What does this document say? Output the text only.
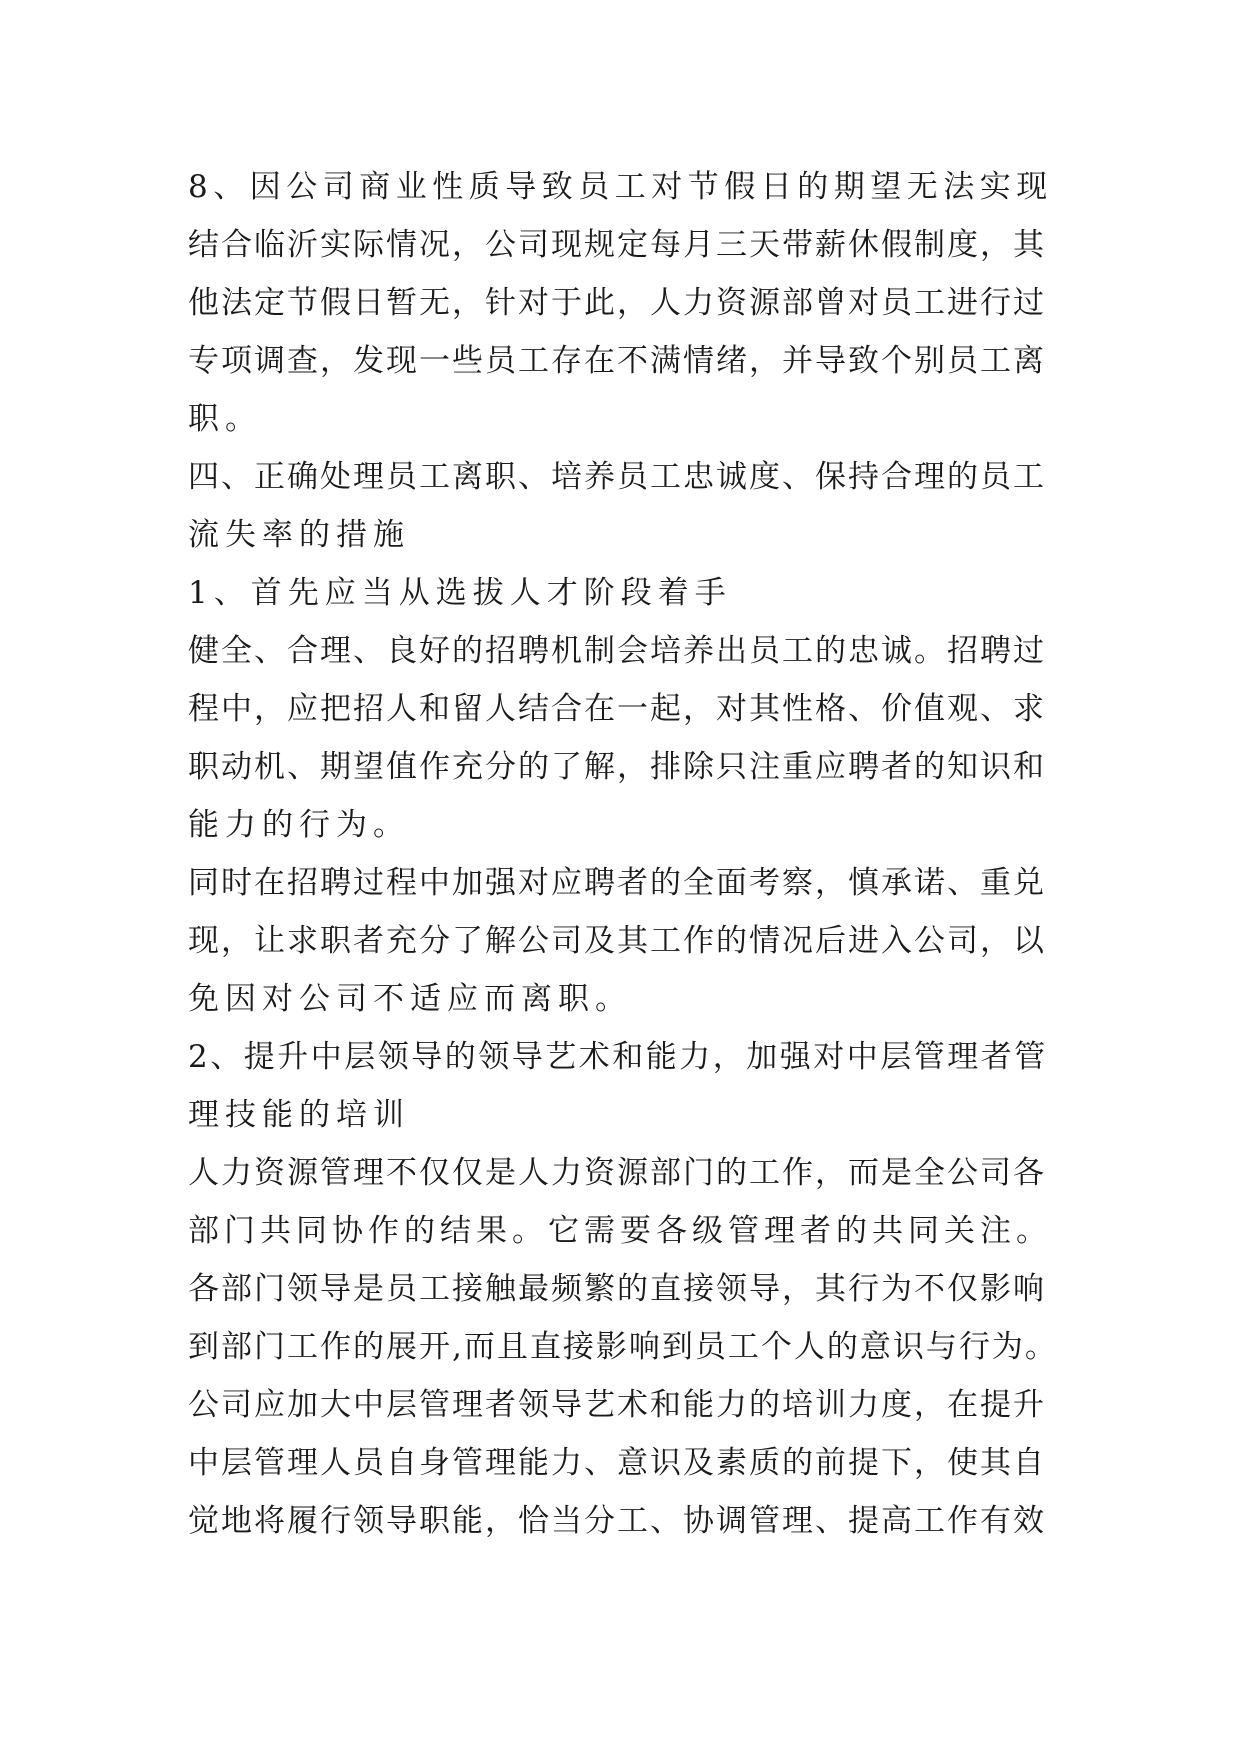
8、因公司商业性质导致员工对节假日的期望无法实现
结合临沂实际情况，公司现规定每月三天带薪休假制度，其
他法定节假日暂无，针对于此，人力资源部曾对员工进行过
专项调查，发现一些员工存在不满情绪，并导致个别员工离
职。
四、正确处理员工离职、培养员工忠诚度、保持合理的员工
流失率的措施
1、首先应当从选拔人才阶段着手
健全、合理、良好的招聘机制会培养出员工的忠诚。招聘过
程中，应把招人和留人结合在一起，对其性格、价值观、求
职动机、期望值作充分的了解，排除只注重应聘者的知识和
能力的行为。
同时在招聘过程中加强对应聘者的全面考察，慎承诺、重兑
现，让求职者充分了解公司及其工作的情况后进入公司，以
免因对公司不适应而离职。
2、提升中层领导的领导艺术和能力，加强对中层管理者管
理技能的培训
人力资源管理不仅仅是人力资源部门的工作，而是全公司各
部门共同协作的结果。它需要各级管理者的共同关注。
各部门领导是员工接触最频繁的直接领导，其行为不仅影响
到部门工作的展开,而且直接影响到员工个人的意识与行为。
公司应加大中层管理者领导艺术和能力的培训力度，在提升
中层管理人员自身管理能力、意识及素质的前提下，使其自
觉地将履行领导职能，恰当分工、协调管理、提高工作有效
